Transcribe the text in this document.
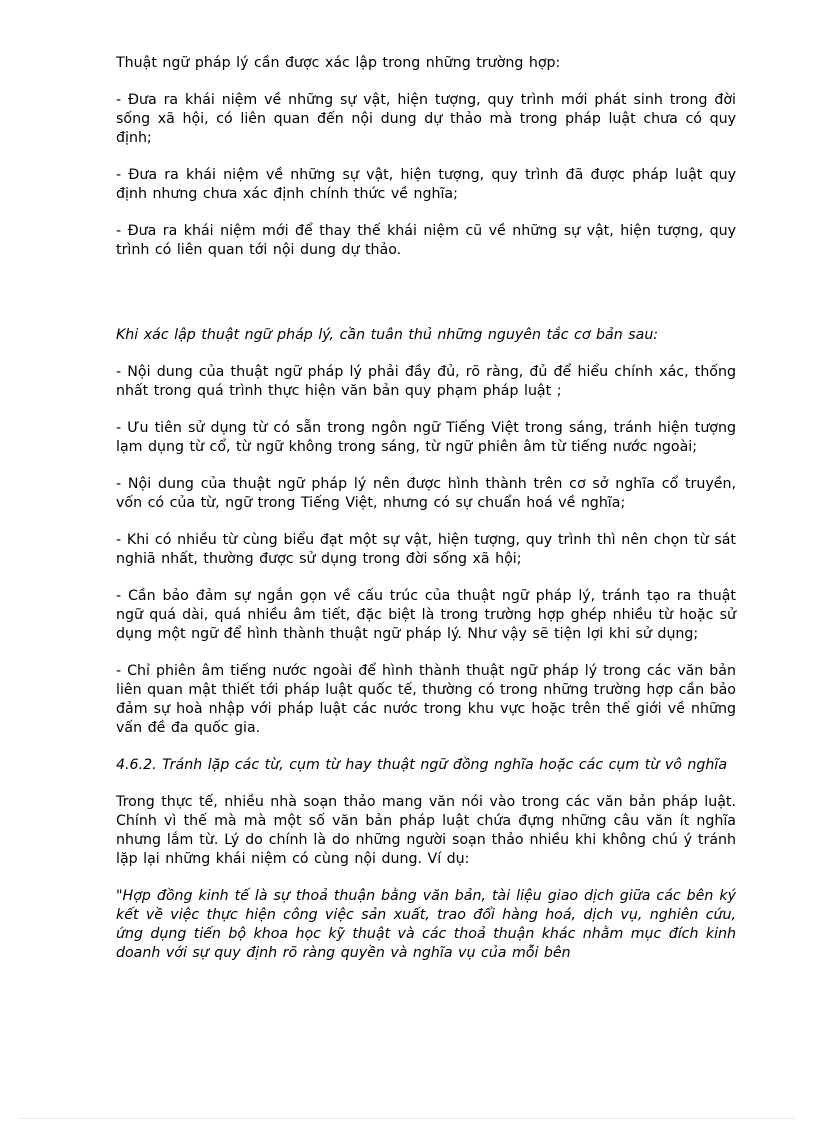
Thuật ngữ pháp lý cần được xác lập trong những trường hợp:

- Đưa ra khái niệm về những sự vật, hiện tượng, quy trình mới phát sinh trong đời sống xã hội, có liên quan đến nội dung dự thảo mà trong pháp luật chưa có quy định;

- Đưa ra khái niệm về những sự vật, hiện tượng, quy trình đã được pháp luật quy định nhưng chưa xác định chính thức về nghĩa;

- Đưa ra khái niệm mới để thay thế khái niệm cũ về những sự vật, hiện tượng, quy trình có liên quan tới nội dung dự thảo.

Khi xác lập thuật ngữ pháp lý, cần tuân thủ những nguyên tắc cơ bản sau:

- Nội dung của thuật ngữ pháp lý phải đầy đủ, rõ ràng, đủ để hiểu chính xác, thống nhất trong quá trình thực hiện văn bản quy phạm pháp luật ;

- Ưu tiên sử dụng từ có sẵn trong ngôn ngữ Tiếng Việt trong sáng, tránh hiện tượng lạm dụng từ cổ, từ ngữ không trong sáng, từ ngữ phiên âm từ tiếng nước ngoài;

- Nội dung của thuật ngữ pháp lý nên được hình thành trên cơ sở nghĩa cổ truyền, vốn có của từ, ngữ trong Tiếng Việt, nhưng có sự chuẩn hoá về nghĩa;

- Khi có nhiều từ cùng biểu đạt một sự vật, hiện tượng, quy trình thì nên chọn từ sát nghiã nhất, thường được sử dụng trong đời sống xã hội;

- Cần bảo đảm sự ngắn gọn về cấu trúc của thuật ngữ pháp lý, tránh tạo ra thuật ngữ quá dài, quá nhiều âm tiết, đặc biệt là trong trường hợp ghép nhiều từ hoặc sử dụng một ngữ để hình thành thuật ngữ pháp lý. Như vậy sẽ tiện lợi khi sử dụng;

- Chỉ phiên âm tiếng nước ngoài để hình thành thuật ngữ pháp lý trong các văn bản liên quan mật thiết tới pháp luật quốc tế, thường có trong những trường hợp cần bảo đảm sự hoà nhập với pháp luật các nước trong khu vực hoặc trên thế giới về những vấn đề đa quốc gia.

4.6.2. Tránh lặp các từ, cụm từ hay thuật ngữ đồng nghĩa hoặc các cụm từ vô nghĩa

Trong thực tế, nhiều nhà soạn thảo mang văn nói vào trong các văn bản pháp luật. Chính vì thế mà mà một số văn bản pháp luật chứa đựng những câu văn ít nghĩa nhưng lắm từ. Lý do chính là do những người soạn thảo nhiều khi không chú ý tránh lặp lại những khái niệm có cùng nội dung. Ví dụ:

"Hợp đồng kinh tế là sự thoả thuận bằng văn bản, tài liệu giao dịch giữa các bên ký kết về việc thực hiện công việc sản xuất, trao đổi hàng hoá, dịch vụ, nghiên cứu, ứng dụng tiến bộ khoa học kỹ thuật và các thoả thuận khác nhằm mục đích kinh doanh với sự quy định rõ ràng quyền và nghĩa vụ của mỗi bên
